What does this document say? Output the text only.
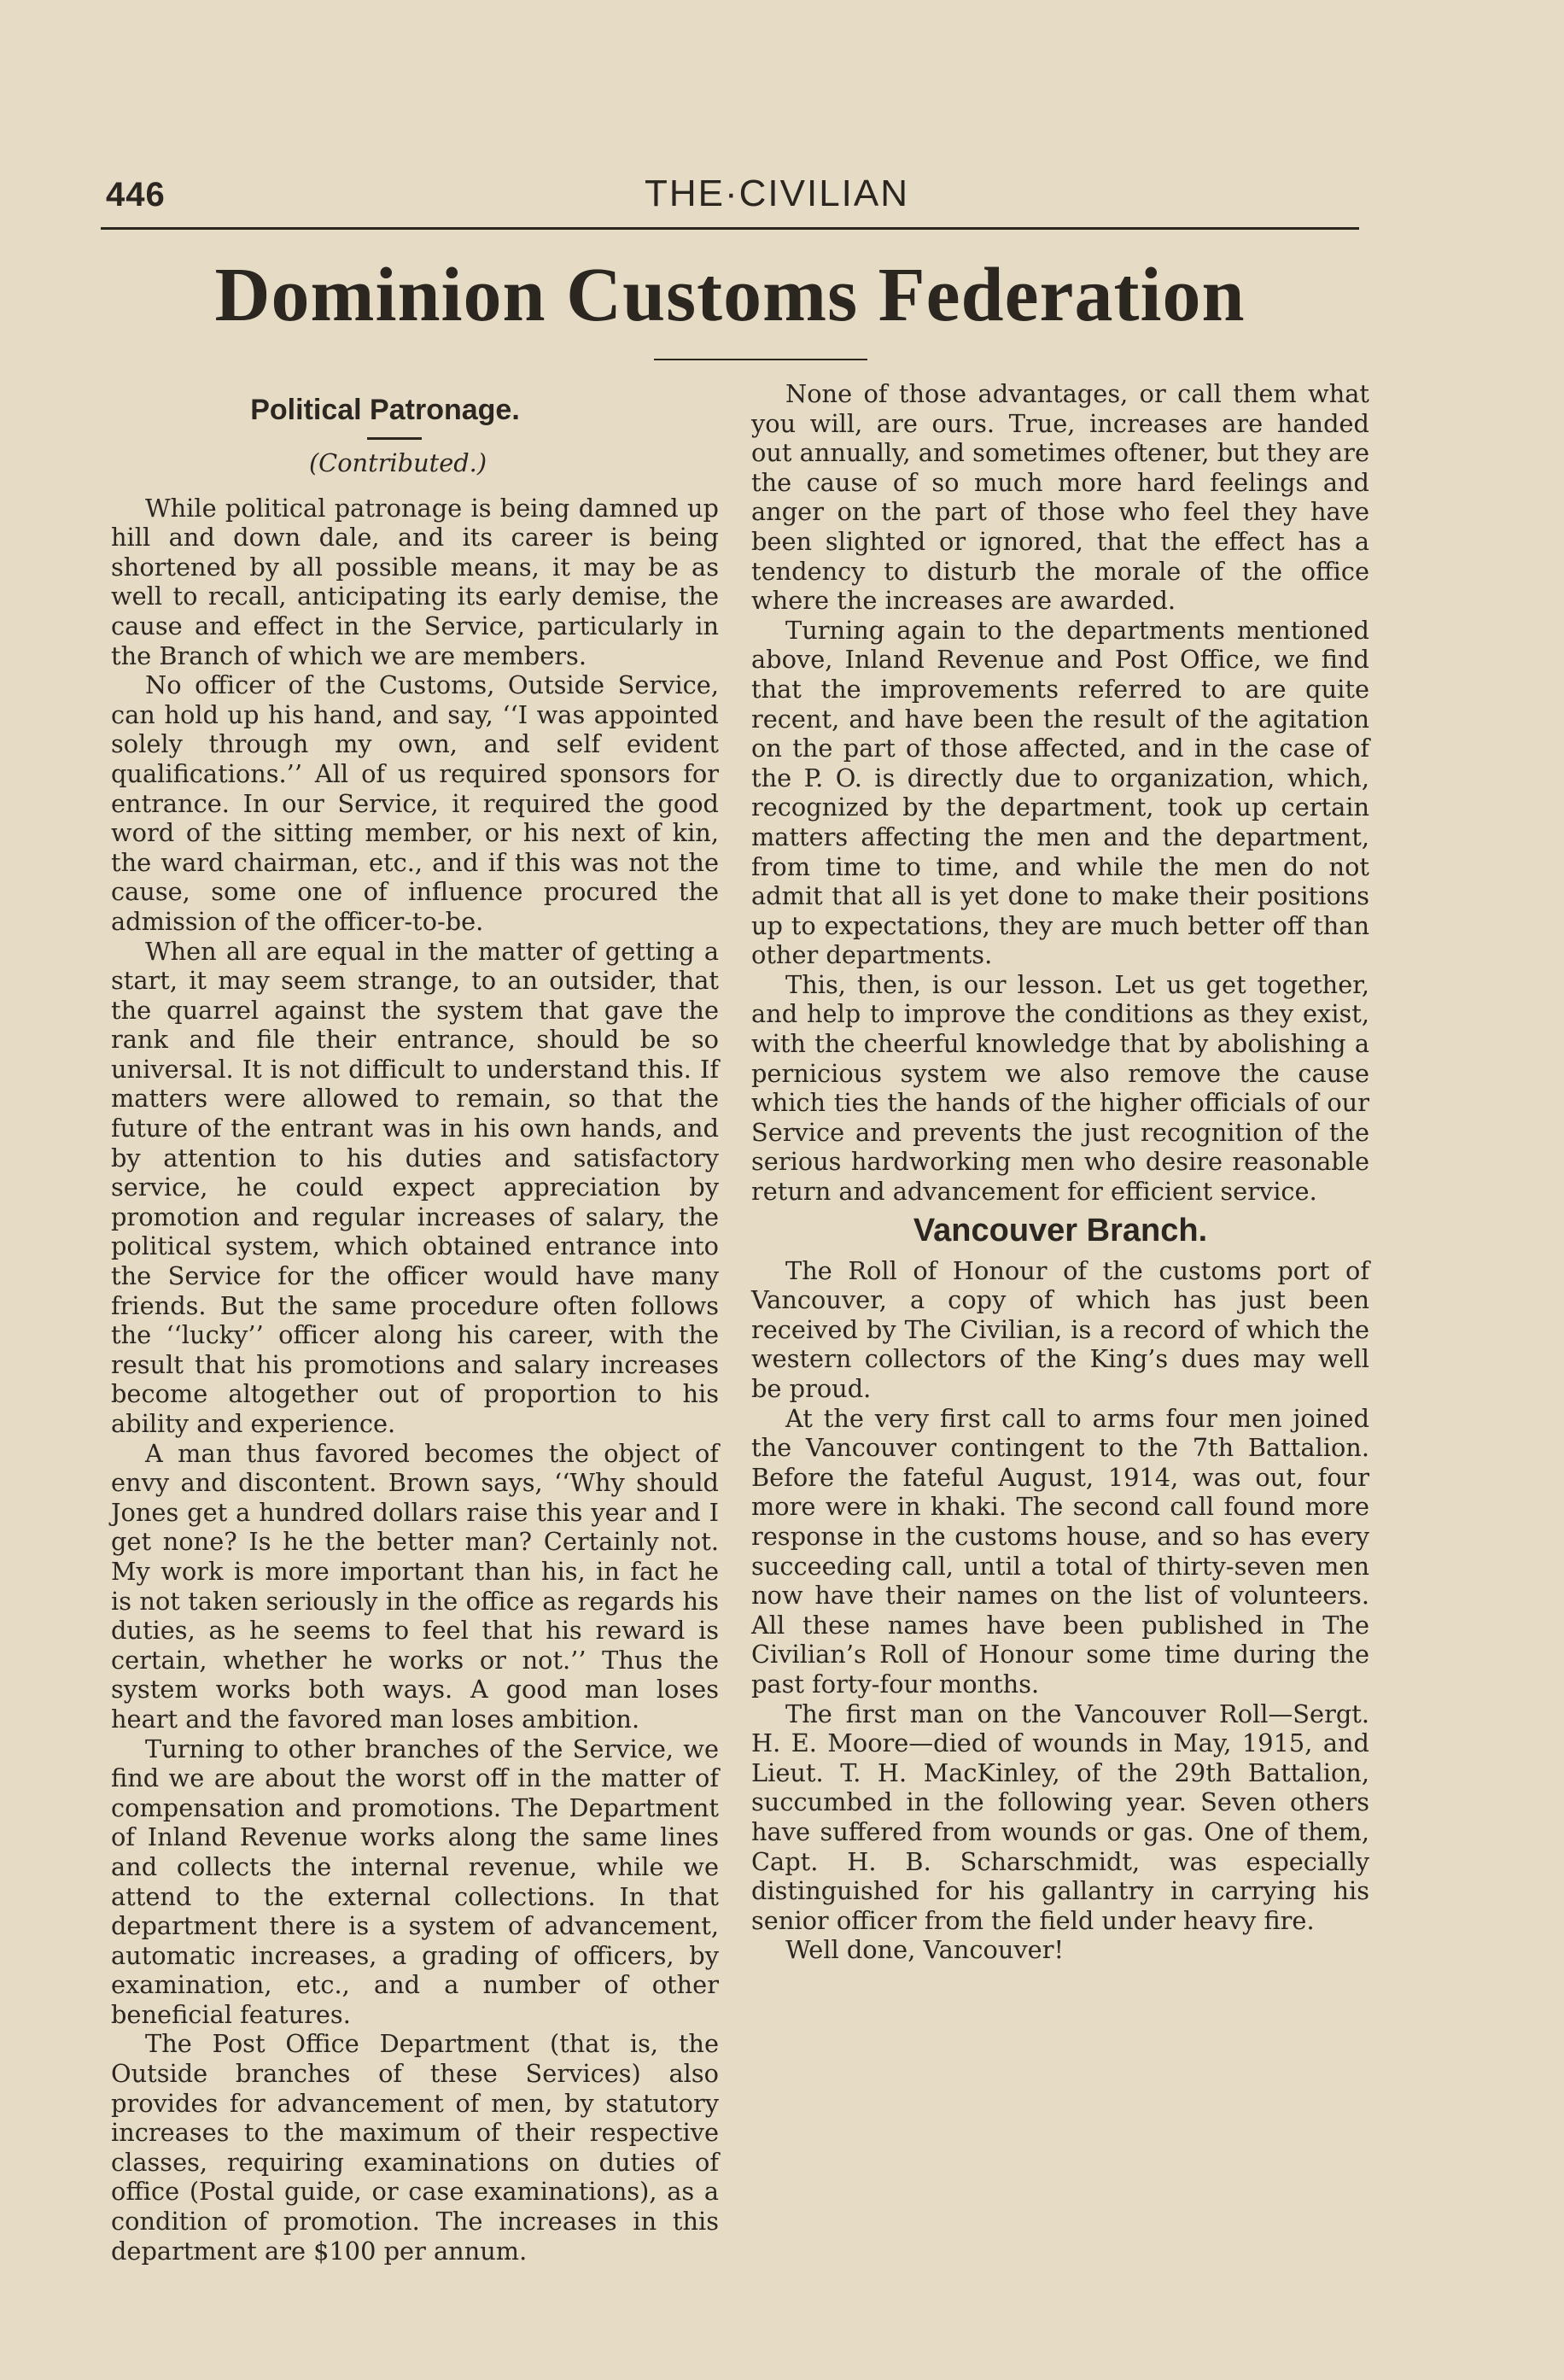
446	THE·CIVILIAN
Dominion Customs Federation
Political Patronage.
(Contributed.)

While political patronage is being damned up hill and down dale, and its career is being shortened by all possible means, it may be as well to recall, anticipating its early demise, the cause and effect in the Service, particularly in the Branch of which we are members.

No officer of the Customs, Outside Service, can hold up his hand, and say, ‘‘I was appointed solely through my own, and self evident qualifications.’’ All of us required sponsors for entrance. In our Service, it required the good word of the sitting member, or his next of kin, the ward chairman, etc., and if this was not the cause, some one of influence procured the admission of the officer-to-be.

When all are equal in the matter of getting a start, it may seem strange, to an outsider, that the quarrel against the system that gave the rank and file their entrance, should be so universal. It is not difficult to understand this. If matters were allowed to remain, so that the future of the entrant was in his own hands, and by attention to his duties and satisfactory service, he could expect appreciation by promotion and regular increases of salary, the political system, which obtained entrance into the Service for the officer would have many friends. But the same procedure often follows the ‘‘lucky’’ officer along his career, with the result that his promotions and salary increases become altogether out of proportion to his ability and experience.

A man thus favored becomes the object of envy and discontent. Brown says, ‘‘Why should Jones get a hundred dollars raise this year and I get none? Is he the better man? Certainly not. My work is more important than his, in fact he is not taken seriously in the office as regards his duties, as he seems to feel that his reward is certain, whether he works or not.’’ Thus the system works both ways. A good man loses heart and the favored man loses ambition.

Turning to other branches of the Service, we find we are about the worst off in the matter of compensation and promotions. The Department of Inland Revenue works along the same lines and collects the internal revenue, while we attend to the external collections. In that department there is a system of advancement, automatic increases, a grading of officers, by examination, etc., and a number of other beneficial features.

The Post Office Department (that is, the Outside branches of these Services) also provides for advancement of men, by statutory increases to the maximum of their respective classes, requiring examinations on duties of office (Postal guide, or case examinations), as a condition of promotion. The increases in this department are $100 per annum.

None of those advantages, or call them what you will, are ours. True, increases are handed out annually, and sometimes oftener, but they are the cause of so much more hard feelings and anger on the part of those who feel they have been slighted or ignored, that the effect has a tendency to disturb the morale of the office where the increases are awarded.

Turning again to the departments mentioned above, Inland Revenue and Post Office, we find that the improvements referred to are quite recent, and have been the result of the agitation on the part of those affected, and in the case of the P. O. is directly due to organization, which, recognized by the department, took up certain matters affecting the men and the department, from time to time, and while the men do not admit that all is yet done to make their positions up to expectations, they are much better off than other departments.

This, then, is our lesson. Let us get together, and help to improve the conditions as they exist, with the cheerful knowledge that by abolishing a pernicious system we also remove the cause which ties the hands of the higher officials of our Service and prevents the just recognition of the serious hardworking men who desire reasonable return and advancement for efficient service.

Vancouver Branch.

The Roll of Honour of the customs port of Vancouver, a copy of which has just been received by The Civilian, is a record of which the western collectors of the King’s dues may well be proud.

At the very first call to arms four men joined the Vancouver contingent to the 7th Battalion. Before the fateful August, 1914, was out, four more were in khaki. The second call found more response in the customs house, and so has every succeeding call, until a total of thirty-seven men now have their names on the list of volunteers. All these names have been published in The Civilian’s Roll of Honour some time during the past forty-four months.

The first man on the Vancouver Roll—Sergt. H. E. Moore—died of wounds in May, 1915, and Lieut. T. H. MacKinley, of the 29th Battalion, succumbed in the following year. Seven others have suffered from wounds or gas. One of them, Capt. H. B. Scharschmidt, was especially distinguished for his gallantry in carrying his senior officer from the field under heavy fire.

Well done, Vancouver!
